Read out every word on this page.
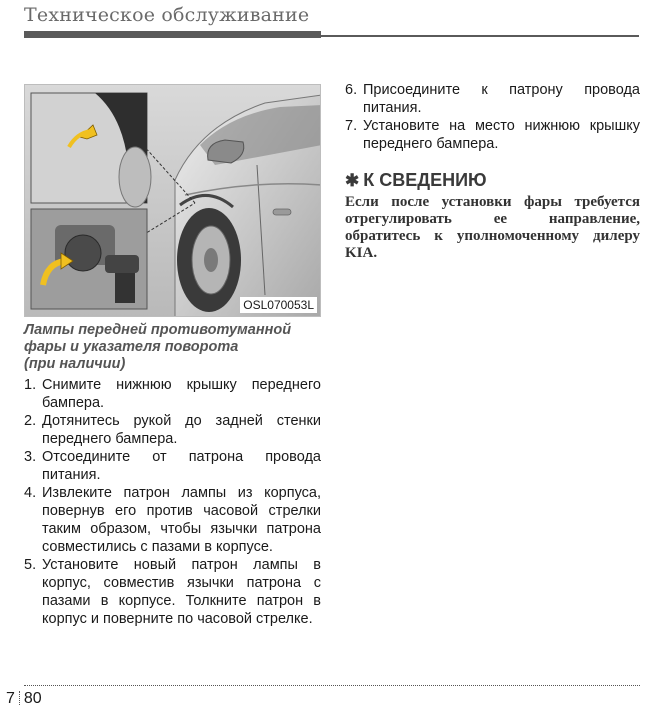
Техническое обслуживание
OSL070053L
Лампы передней противотуманной
фары и указателя поворота
(при наличии)
1. Снимите нижнюю крышку переднего бампера.
2. Дотянитесь рукой до задней стенки переднего бампера.
3. Отсоедините от патрона провода питания.
4. Извлеките патрон лампы из корпуса, повернув его против часовой стрелки таким образом, чтобы язычки патрона совместились с пазами в корпусе.
5. Установите новый патрон лампы в корпус, совместив язычки патрона с пазами в корпусе. Толкните патрон в корпус и поверните по часовой стрелке.
6. Присоедините к патрону провода питания.
7. Установите на место нижнюю крышку переднего бампера.
✱ К СВЕДЕНИЮ
Если после установки фары требуется отрегулировать ее направление, обратитесь к уполномоченному дилеру KIA.
7 80
